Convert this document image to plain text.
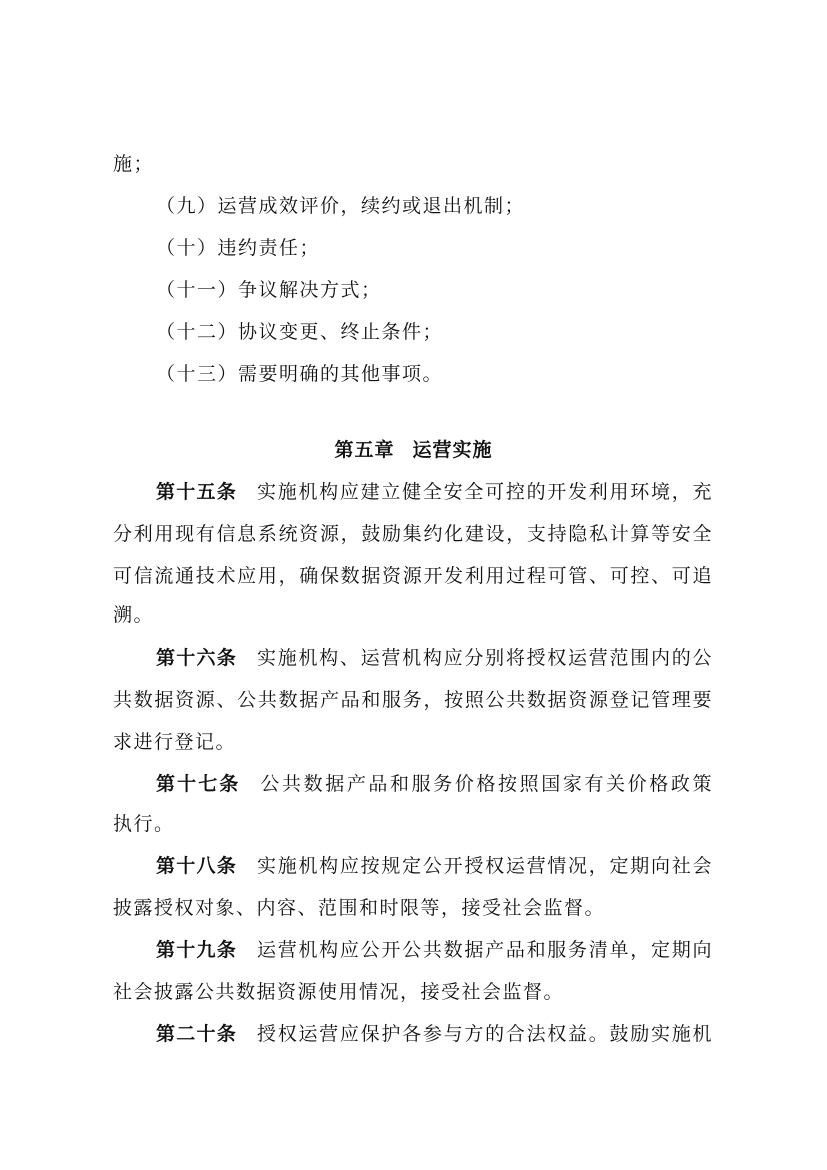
施；
（九）运营成效评价，续约或退出机制；
（十）违约责任；
（十一）争议解决方式；
（十二）协议变更、终止条件；
（十三）需要明确的其他事项。
第五章 运营实施
第十五条 实施机构应建立健全安全可控的开发利用环境，充
分利用现有信息系统资源，鼓励集约化建设，支持隐私计算等安全
可信流通技术应用，确保数据资源开发利用过程可管、可控、可追
溯。
第十六条 实施机构、运营机构应分别将授权运营范围内的公
共数据资源、公共数据产品和服务，按照公共数据资源登记管理要
求进行登记。
第十七条 公共数据产品和服务价格按照国家有关价格政策
执行。
第十八条 实施机构应按规定公开授权运营情况，定期向社会
披露授权对象、内容、范围和时限等，接受社会监督。
第十九条 运营机构应公开公共数据产品和服务清单，定期向
社会披露公共数据资源使用情况，接受社会监督。
第二十条 授权运营应保护各参与方的合法权益。鼓励实施机
